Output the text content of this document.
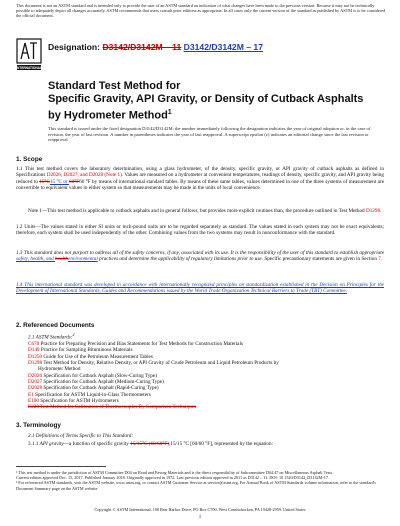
This document is not an ASTM standard and is intended only to provide the user of an ASTM standard an indication of what changes have been made to the previous version. Because it may not be technically possible to adequately depict all changes accurately, ASTM recommends that users consult prior editions as appropriate. In all cases only the current version of the standard as published by ASTM is to be considered the official document.
INTERNATIONAL
Designation: D3142/D3142M – 11 D3142/D3142M – 17
Standard Test Method for
Specific Gravity, API Gravity, or Density of Cutback Asphalts
by Hydrometer Method$^1$
This standard is issued under the fixed designation D3142/D3142M; the number immediately following the designation indicates the year of original adoption or, in the case of revision, the year of last revision. A number in parentheses indicates the year of last reapproval. A superscript epsilon (ε) indicates an editorial change since the last revision or reapproval.
1. Scope
1.1 This test method covers the laboratory determination, using a glass hydrometer, of the density, specific gravity, or API gravity of cutback asphalts as defined in Specifications D2026, D2027, and D2028 (Note 1). Values are measured on a hydrometer at convenient temperatures, readings of density, specific gravity, and API gravity being reduced to 15°C15 °C or 60°F60 °F by means of international standard tables. By means of these same tables, values determined in one of the three systems of measurement are convertible to equivalent values in either system so that measurements may be made in the units of local convenience.
Note 1—This test method is applicable to cutback asphalts and in general follows, but provides more explicit routines than, the procedure outlined in Test Method D1298.
1.2 Units—The values stated in either SI units or inch-pound units are to be regarded separately as standard. The values stated in each system may not be exact equivalents; therefore, each system shall be used independently of the other. Combining values from the two systems may result in nonconformance with the standard.
1.3 This standard does not purport to address all of the safety concerns, if any, associated with its use. It is the responsibility of the user of this standard to establish appropriate safety, health, and healthenvironmental practices and determine the applicability of regulatory limitations prior to use. Specific precautionary statements are given in Section 7.
1.4 This international standard was developed in accordance with internationally recognized principles on standardization established in the Decision on Principles for the Development of International Standards, Guides and Recommendations issued by the World Trade Organization Technical Barriers to Trade (TBT) Committee.
2. Referenced Documents
2.1 ASTM Standards:$^2$
C670 Practice for Preparing Precision and Bias Statements for Test Methods for Construction Materials
D140 Practice for Sampling Bituminous Materials
D1250 Guide for Use of the Petroleum Measurement Tables
D1298 Test Method for Density, Relative Density, or API Gravity of Crude Petroleum and Liquid Petroleum Products by
Hydrometer Method
D2026 Specification for Cutback Asphalt (Slow-Curing Type)
D2027 Specification for Cutback Asphalt (Medium-Curing Type)
D2028 Specification for Cutback Asphalt (Rapid-Curing Type)
E1 Specification for ASTM Liquid-in-Glass Thermometers
E100 Specification for ASTM Hydrometers
E220 Test Method for Calibration of Thermocouples By Comparison Techniques
3. Terminology
3.1 Definitions of Terms Specific to This Standard:
3.1.1 API gravity—a function of specific gravity 15/15°C (60/60°F),15/15 °C [60/60 °F], represented by the equation:
¹ This test method is under the jurisdiction of ASTM Committee D04 on Road and Paving Materials and is the direct responsibility of Subcommittee D04.47 on Miscellaneous Asphalt Tests.
Current edition approved Dec. 15, 2017. Published January 2018. Originally approved in 1972. Last previous edition approved in 2011 as D3142 – 11. DOI: 10.1520/D3142_D3142M-17.
² For referenced ASTM standards, visit the ASTM website, www.astm.org, or contact ASTM Customer Service at service@astm.org. For Annual Book of ASTM Standards volume information, refer to the standard's Document Summary page on the ASTM website.
Copyright © ASTM International, 100 Barr Harbor Drive, PO Box C700, West Conshohocken, PA 19428-2959. United States
1
